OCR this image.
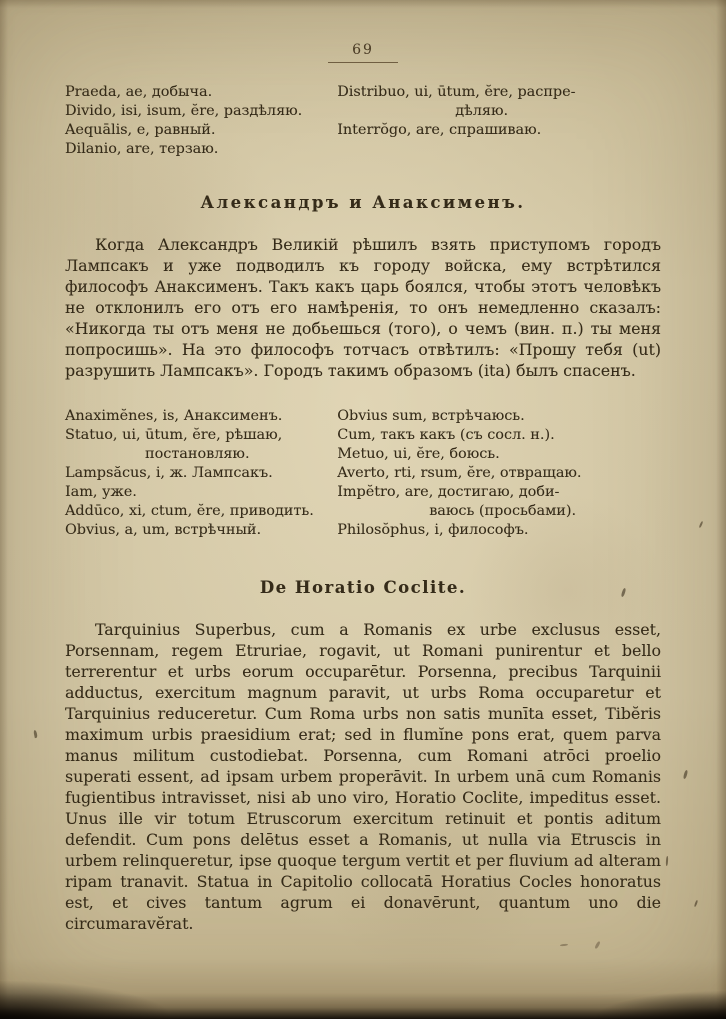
69
Praeda, ae, добыча.
Divido, isi, isum, ĕre, раздѣляю.
Aequālis, e, равный.
Dilanio, are, терзаю.
Distribuo, ui, ūtum, ĕre, распре-
дѣляю.
Interrŏgo, are, спрашиваю.
Александръ и Анаксименъ.

Когда Александръ Великій рѣшилъ взять приступомъ городъ Лампсакъ и уже подводилъ къ городу войска, ему встрѣтился философъ Анаксименъ. Такъ какъ царь боялся, чтобы этотъ человѣкъ не отклонилъ его отъ его намѣренія, то онъ немедленно сказалъ: «Никогда ты отъ меня не добьешься (того), о чемъ (вин. п.) ты меня попросишь». На это философъ тотчасъ отвѣтилъ: «Прошу тебя (ut) разрушить Лампсакъ». Городъ такимъ образомъ (ita) былъ спасенъ.

Anaximĕnes, is, Анаксименъ.
Statuo, ui, ūtum, ĕre, рѣшаю,
постановляю.
Lampsăcus, i, ж. Лампсакъ.
Iam, уже.
Addūco, xi, ctum, ĕre, приводить.
Obvius, a, um, встрѣчный.
Obvius sum, встрѣчаюсь.
Cum, такъ какъ (съ сосл. н.).
Metuo, ui, ĕre, боюсь.
Averto, rti, rsum, ĕre, отвращаю.
Impĕtro, are, достигаю, доби-
ваюсь (просьбами).
Philosŏphus, i, философъ.
De Horatio Coclite.

Tarquinius Superbus, cum a Romanis ex urbe exclusus esset, Porsennam, regem Etruriae, rogavit, ut Romani punirentur et bello terrerentur et urbs eorum occuparētur. Porsenna, precibus Tarquinii adductus, exercitum magnum paravit, ut urbs Roma occuparetur et Tarquinius reduceretur. Cum Roma urbs non satis munīta esset, Tibĕris maximum urbis praesidium erat; sed in flumĭne pons erat, quem parva manus militum custodiebat. Porsenna, cum Romani atrōci proelio superati essent, ad ipsam urbem properāvit. In urbem unā cum Romanis fugientibus intravisset, nisi ab uno viro, Horatio Coclite, impeditus esset. Unus ille vir totum Etruscorum exercitum retinuit et pontis aditum defendit. Cum pons delētus esset a Romanis, ut nulla via Etruscis in urbem relinqueretur, ipse quoque tergum vertit et per fluvium ad alteram ripam tranavit. Statua in Capitolio collocatā Horatius Cocles honoratus est, et cives tantum agrum ei donavērunt, quantum uno die circumaravĕrat.
